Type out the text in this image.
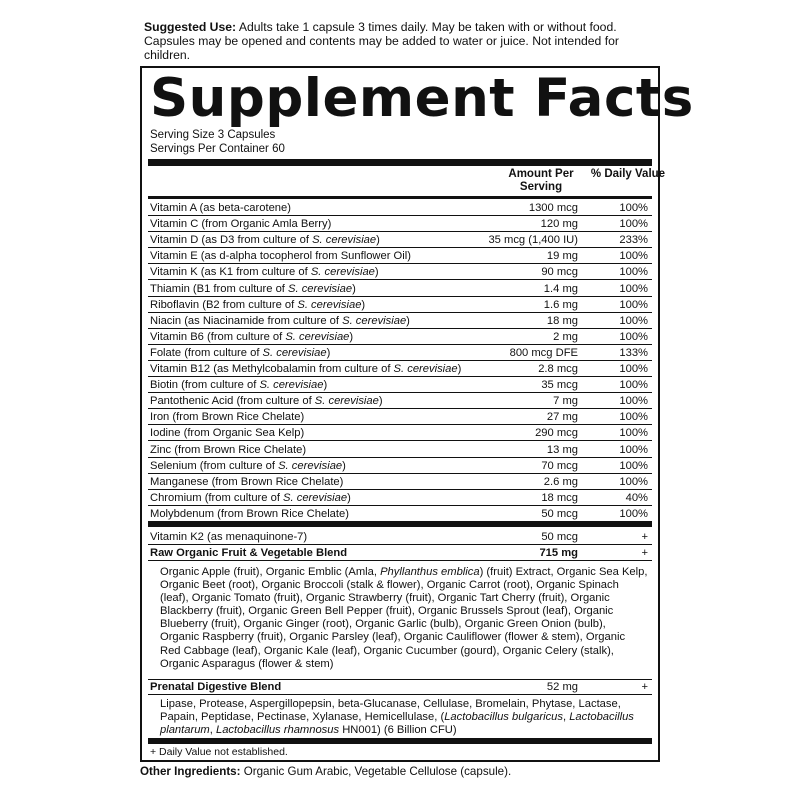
Suggested Use: Adults take 1 capsule 3 times daily. May be taken with or without food. Capsules may be opened and contents may be added to water or juice. Not intended for children.
Supplement Facts
Serving Size 3 Capsules
Servings Per Container 60
Amount Per Serving
% Daily Value
Vitamin A (as beta-carotene)	1300 mcg	100%
Vitamin C (from Organic Amla Berry)	120 mg	100%
Vitamin D (as D3 from culture of S. cerevisiae)	35 mcg (1,400 IU)	233%
Vitamin E (as d-alpha tocopherol from Sunflower Oil)	19 mg	100%
Vitamin K (as K1 from culture of S. cerevisiae)	90 mcg	100%
Thiamin (B1 from culture of S. cerevisiae)	1.4 mg	100%
Riboflavin (B2 from culture of S. cerevisiae)	1.6 mg	100%
Niacin (as Niacinamide from culture of S. cerevisiae)	18 mg	100%
Vitamin B6 (from culture of S. cerevisiae)	2 mg	100%
Folate (from culture of S. cerevisiae)	800 mcg DFE	133%
Vitamin B12 (as Methylcobalamin from culture of S. cerevisiae)	2.8 mcg	100%
Biotin (from culture of S. cerevisiae)	35 mcg	100%
Pantothenic Acid (from culture of S. cerevisiae)	7 mg	100%
Iron (from Brown Rice Chelate)	27 mg	100%
Iodine (from Organic Sea Kelp)	290 mcg	100%
Zinc (from Brown Rice Chelate)	13 mg	100%
Selenium (from culture of S. cerevisiae)	70 mcg	100%
Manganese (from Brown Rice Chelate)	2.6 mg	100%
Chromium (from culture of S. cerevisiae)	18 mcg	40%
Molybdenum (from Brown Rice Chelate)	50 mcg	100%
Vitamin K2 (as menaquinone-7)	50 mcg	+
Raw Organic Fruit & Vegetable Blend	715 mg	+
Organic Apple (fruit), Organic Emblic (Amla, Phyllanthus emblica) (fruit) Extract, Organic Sea Kelp, Organic Beet (root), Organic Broccoli (stalk & flower), Organic Carrot (root), Organic Spinach (leaf), Organic Tomato (fruit), Organic Strawberry (fruit), Organic Tart Cherry (fruit), Organic Blackberry (fruit), Organic Green Bell Pepper (fruit), Organic Brussels Sprout (leaf), Organic Blueberry (fruit), Organic Ginger (root), Organic Garlic (bulb), Organic Green Onion (bulb), Organic Raspberry (fruit), Organic Parsley (leaf), Organic Cauliflower (flower & stem), Organic Red Cabbage (leaf), Organic Kale (leaf), Organic Cucumber (gourd), Organic Celery (stalk), Organic Asparagus (flower & stem)
Prenatal Digestive Blend	52 mg	+
Lipase, Protease, Aspergillopepsin, beta-Glucanase, Cellulase, Bromelain, Phytase, Lactase, Papain, Peptidase, Pectinase, Xylanase, Hemicellulase, (Lactobacillus bulgaricus, Lactobacillus plantarum, Lactobacillus rhamnosus HN001) (6 Billion CFU)
+ Daily Value not established.
Other Ingredients: Organic Gum Arabic, Vegetable Cellulose (capsule).
